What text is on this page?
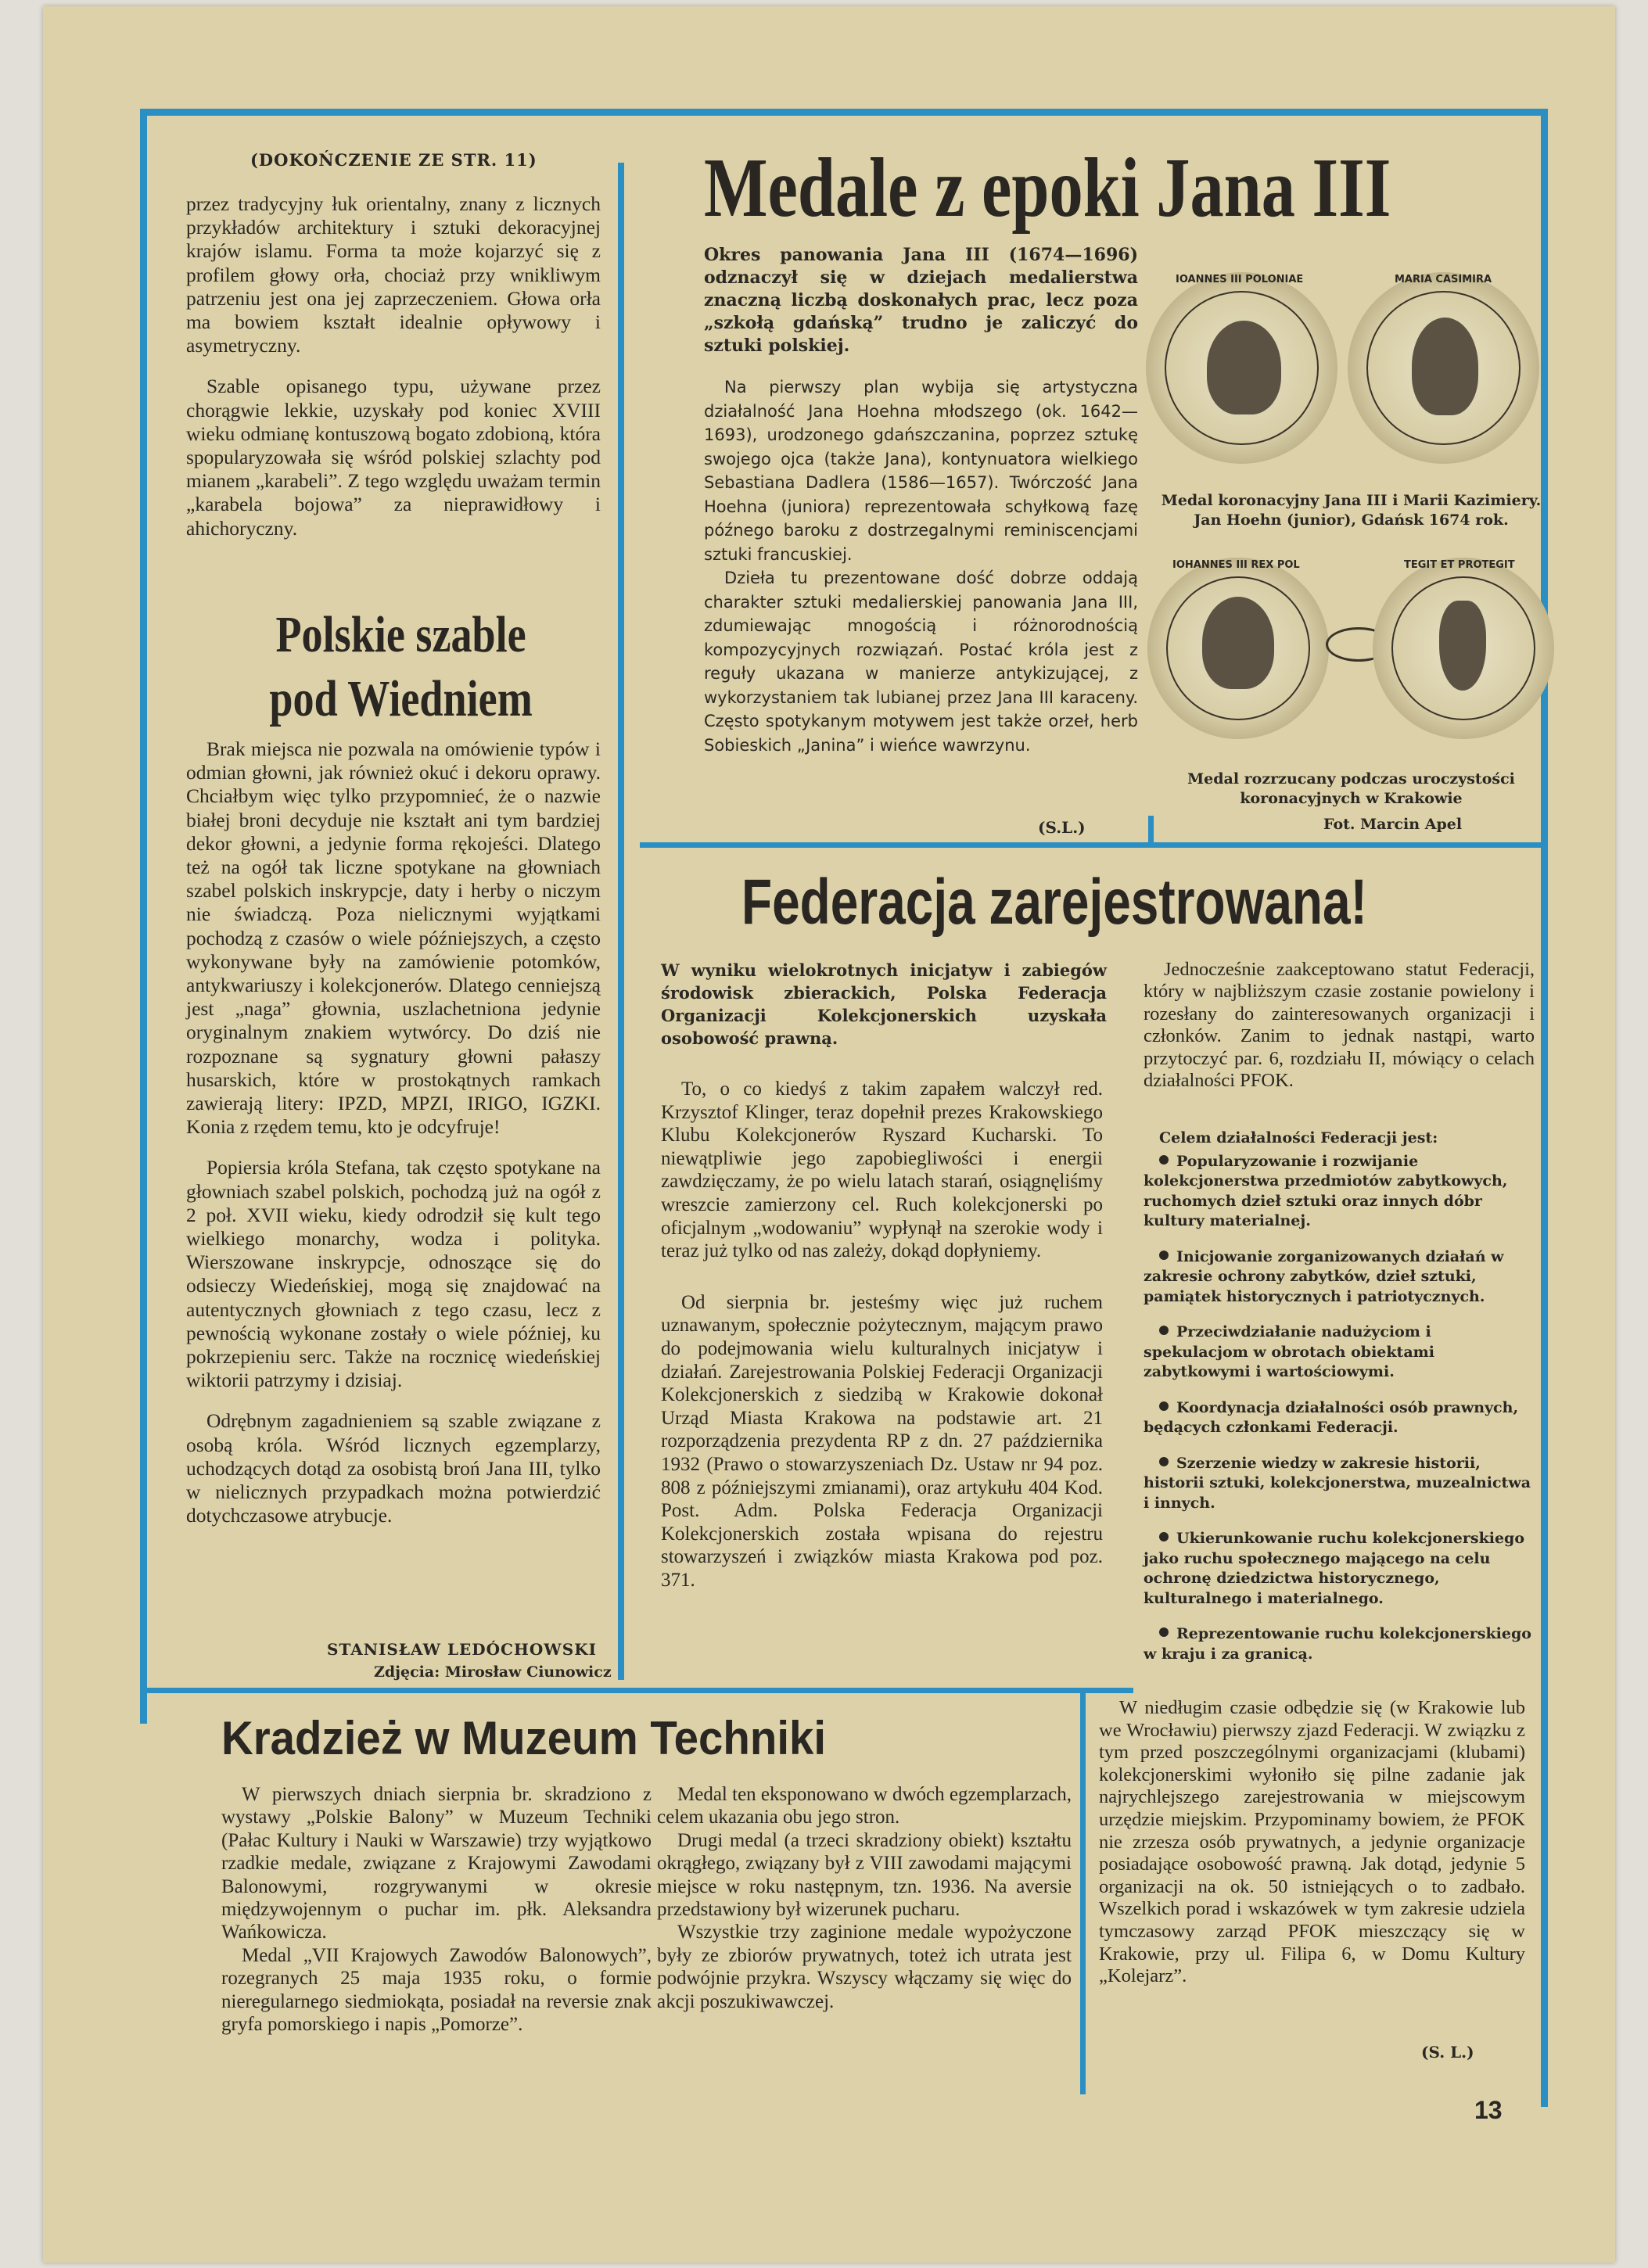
(DOKOŃCZENIE ZE STR. 11)

przez tradycyjny łuk orientalny, znany z licznych przykładów architektury i sztuki dekoracyjnej krajów islamu. Forma ta może kojarzyć się z profilem głowy orła, chociaż przy wnikliwym patrzeniu jest ona jej zaprzeczeniem. Głowa orła ma bowiem kształt idealnie opływowy i asymetryczny.

Szable opisanego typu, używane przez chorągwie lekkie, uzyskały pod koniec XVIII wieku odmianę kontuszową bogato zdobioną, która spopularyzowała się wśród polskiej szlachty pod mianem „karabeli”. Z tego względu uważam termin „karabela bojowa” za nieprawidłowy i ahichoryczny.

Polskie szable
pod Wiedniem

Brak miejsca nie pozwala na omówienie typów i odmian głowni, jak również okuć i dekoru oprawy. Chciałbym więc tylko przypomnieć, że o nazwie białej broni decyduje nie kształt ani tym bardziej dekor głowni, a jedynie forma rękojeści. Dlatego też na ogół tak liczne spotykane na głowniach szabel polskich inskrypcje, daty i herby o niczym nie świadczą. Poza nielicznymi wyjątkami pochodzą z czasów o wiele późniejszych, a często wykonywane były na zamówienie potomków, antykwariuszy i kolekcjonerów. Dlatego cenniejszą jest „naga” głownia, uszlachetniona jedynie oryginalnym znakiem wytwórcy. Do dziś nie rozpoznane są sygnatury głowni pałaszy husarskich, które w prostokątnych ramkach zawierają litery: IPZD, MPZI, IRIGO, IGZKI. Konia z rzędem temu, kto je odcyfruje!

Popiersia króla Stefana, tak często spotykane na głowniach szabel polskich, pochodzą już na ogół z 2 poł. XVII wieku, kiedy odrodził się kult tego wielkiego monarchy, wodza i polityka. Wierszowane inskrypcje, odnoszące się do odsieczy Wiedeńskiej, mogą się znajdować na autentycznych głowniach z tego czasu, lecz z pewnością wykonane zostały o wiele później, ku pokrzepieniu serc. Także na rocznicę wiedeńskiej wiktorii patrzymy i dzisiaj.

Odrębnym zagadnieniem są szable związane z osobą króla. Wśród licznych egzemplarzy, uchodzących dotąd za osobistą broń Jana III, tylko w nielicznych przypadkach można potwierdzić dotychczasowe atrybucje.

STANISŁAW LEDÓCHOWSKI
Zdjęcia: Mirosław Ciunowicz
Medale z epoki Jana III
Okres panowania Jana III (1674—1696) odznaczył się w dziejach medalierstwa znaczną liczbą doskonałych prac, lecz poza „szkołą gdańską” trudno je zaliczyć do sztuki polskiej.

Na pierwszy plan wybija się artystyczna działalność Jana Hoehna młodszego (ok. 1642—1693), urodzonego gdańszczanina, poprzez sztukę swojego ojca (także Jana), kontynuatora wielkiego Sebastiana Dadlera (1586—1657). Twórczość Jana Hoehna (juniora) reprezentowała schyłkową fazę późnego baroku z dostrzegalnymi reminiscencjami sztuki francuskiej.

Dzieła tu prezentowane dość dobrze oddają charakter sztuki medalierskiej panowania Jana III, zdumiewając mnogością i różnorodnością kompozycyjnych rozwiązań. Postać króla jest z reguły ukazana w manierze antykizującej, z wykorzystaniem tak lubianej przez Jana III karaceny. Często spotykanym motywem jest także orzeł, herb Sobieskich „Janina” i wieńce wawrzynu.

(S.L.)
IOANNES III POLONIAE	MARIA CASIMIRA
Medal koronacyjny Jana III i Marii Kazimiery. Jan Hoehn (junior), Gdańsk 1674 rok.
IOHANNES III REX POL	TEGIT ET PROTEGIT
Medal rozrzucany podczas uroczystości koronacyjnych w Krakowie
Fot. Marcin Apel
Federacja zarejestrowana!
W wyniku wielokrotnych inicjatyw i zabiegów środowisk zbierackich, Polska Federacja Organizacji Kolekcjonerskich uzyskała osobowość prawną.

To, o co kiedyś z takim zapałem walczył red. Krzysztof Klinger, teraz dopełnił prezes Krakowskiego Klubu Kolekcjonerów Ryszard Kucharski. To niewątpliwie jego zapobiegliwości i energii zawdzięczamy, że po wielu latach starań, osiągnęliśmy wreszcie zamierzony cel. Ruch kolekcjonerski po oficjalnym „wodowaniu” wypłynął na szerokie wody i teraz już tylko od nas zależy, dokąd dopłyniemy.

Od sierpnia br. jesteśmy więc już ruchem uznawanym, społecznie pożytecznym, mającym prawo do podejmowania wielu kulturalnych inicjatyw i działań. Zarejestrowania Polskiej Federacji Organizacji Kolekcjonerskich z siedzibą w Krakowie dokonał Urząd Miasta Krakowa na podstawie art. 21 rozporządzenia prezydenta RP z dn. 27 października 1932 (Prawo o stowarzyszeniach Dz. Ustaw nr 94 poz. 808 z późniejszymi zmianami), oraz artykułu 404 Kod. Post. Adm. Polska Federacja Organizacji Kolekcjonerskich została wpisana do rejestru stowarzyszeń i związków miasta Krakowa pod poz. 371.

Jednocześnie zaakceptowano statut Federacji, który w najbliższym czasie zostanie powielony i rozesłany do zainteresowanych organizacji i członków. Zanim to jednak nastąpi, warto przytoczyć par. 6, rozdziału II, mówiący o celach działalności PFOK.

Celem działalności Federacji jest:

Popularyzowanie i rozwijanie kolekcjonerstwa przedmiotów zabytkowych, ruchomych dzieł sztuki oraz innych dóbr kultury materialnej.

Inicjowanie zorganizowanych działań w zakresie ochrony zabytków, dzieł sztuki, pamiątek historycznych i patriotycznych.

Przeciwdziałanie nadużyciom i spekulacjom w obrotach obiektami zabytkowymi i wartościowymi.

Koordynacja działalności osób prawnych, będących członkami Federacji.

Szerzenie wiedzy w zakresie historii, historii sztuki, kolekcjonerstwa, muzealnictwa i innych.

Ukierunkowanie ruchu kolekcjonerskiego jako ruchu społecznego mającego na celu ochronę dziedzictwa historycznego, kulturalnego i materialnego.

Reprezentowanie ruchu kolekcjonerskiego w kraju i za granicą.

W niedługim czasie odbędzie się (w Krakowie lub we Wrocławiu) pierwszy zjazd Federacji. W związku z tym przed poszczególnymi organizacjami (klubami) kolekcjonerskimi wyłoniło się pilne zadanie jak najrychlejszego zarejestrowania w miejscowym urzędzie miejskim. Przypominamy bowiem, że PFOK nie zrzesza osób prywatnych, a jedynie organizacje posiadające osobowość prawną. Jak dotąd, jedynie 5 organizacji na ok. 50 istniejących o to zadbało. Wszelkich porad i wskazówek w tym zakresie udziela tymczasowy zarząd PFOK mieszczący się w Krakowie, przy ul. Filipa 6, w Domu Kultury „Kolejarz”.
(S. L.)
Kradzież w Muzeum Techniki

W pierwszych dniach sierpnia br. skradziono z wystawy „Polskie Balony” w Muzeum Techniki (Pałac Kultury i Nauki w Warszawie) trzy wyjątkowo rzadkie medale, związane z Krajowymi Zawodami Balonowymi, rozgrywanymi w okresie międzywojennym o puchar im. płk. Aleksandra Wańkowicza.

Medal „VII Krajowych Zawodów Balonowych”, rozegranych 25 maja 1935 roku, o formie nieregularnego siedmiokąta, posiadał na reversie znak gryfa pomorskiego i napis „Pomorze”.

Medal ten eksponowano w dwóch egzemplarzach, celem ukazania obu jego stron.

Drugi medal (a trzeci skradziony obiekt) kształtu okrągłego, związany był z VIII zawodami mającymi miejsce w roku następnym, tzn. 1936. Na aversie przedstawiony był wizerunek pucharu.

Wszystkie trzy zaginione medale wypożyczone były ze zbiorów prywatnych, toteż ich utrata jest podwójnie przykra. Wszyscy włączamy się więc do akcji poszukiwawczej.

13
